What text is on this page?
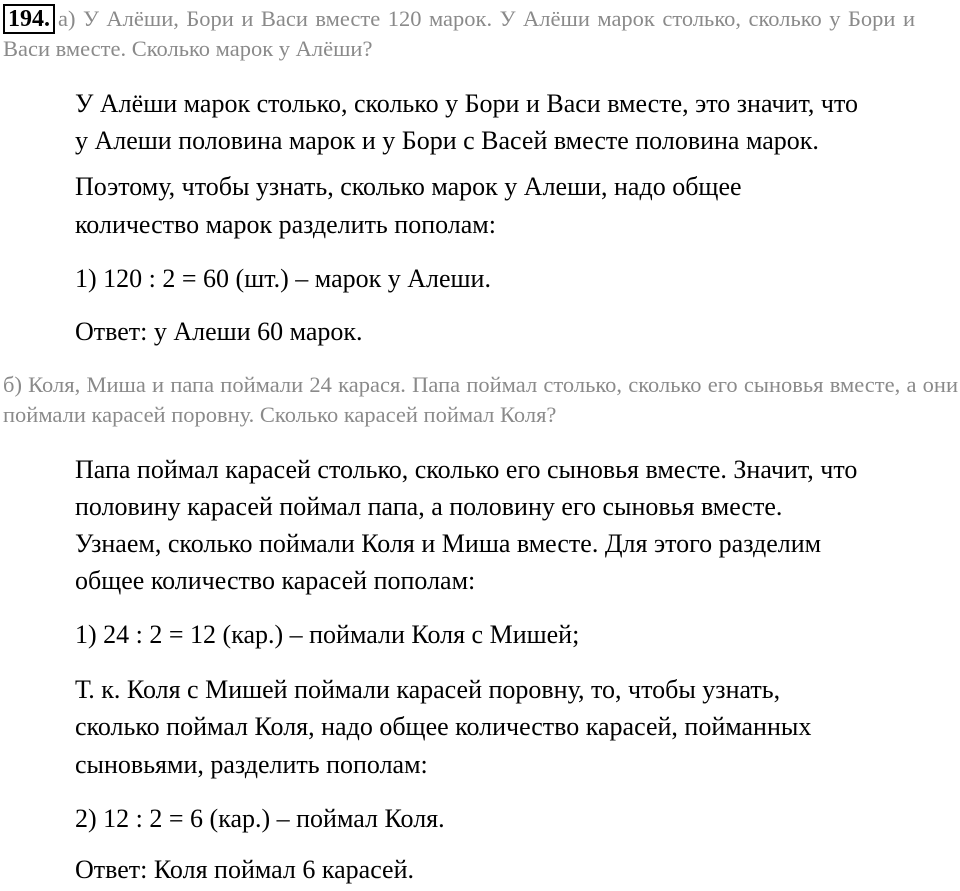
194. а) У Алёши, Бори и Васи вместе 120 марок. У Алёши марок столько, сколько у Бори и Васи вместе. Сколько марок у Алёши?

У Алёши марок столько, сколько у Бори и Васи вместе, это значит, что

у Алеши половина марок и у Бори с Васей вместе половина марок.

Поэтому, чтобы узнать, сколько марок у Алеши, надо общее

количество марок разделить пополам:

1) 120 : 2 = 60 (шт.) – марок у Алеши.

Ответ: у Алеши 60 марок.

б) Коля, Миша и папа поймали 24 карася. Папа поймал столько, сколько его сыновья вместе, а они поймали карасей поровну. Сколько карасей поймал Коля?

Папа поймал карасей столько, сколько его сыновья вместе. Значит, что

половину карасей поймал папа, а половину его сыновья вместе.

Узнаем, сколько поймали Коля и Миша вместе. Для этого разделим

общее количество карасей пополам:

1) 24 : 2 = 12 (кар.) – поймали Коля с Мишей;

Т. к. Коля с Мишей поймали карасей поровну, то, чтобы узнать,

сколько поймал Коля, надо общее количество карасей, пойманных

сыновьями, разделить пополам:

2) 12 : 2 = 6 (кар.) – поймал Коля.

Ответ: Коля поймал 6 карасей.
